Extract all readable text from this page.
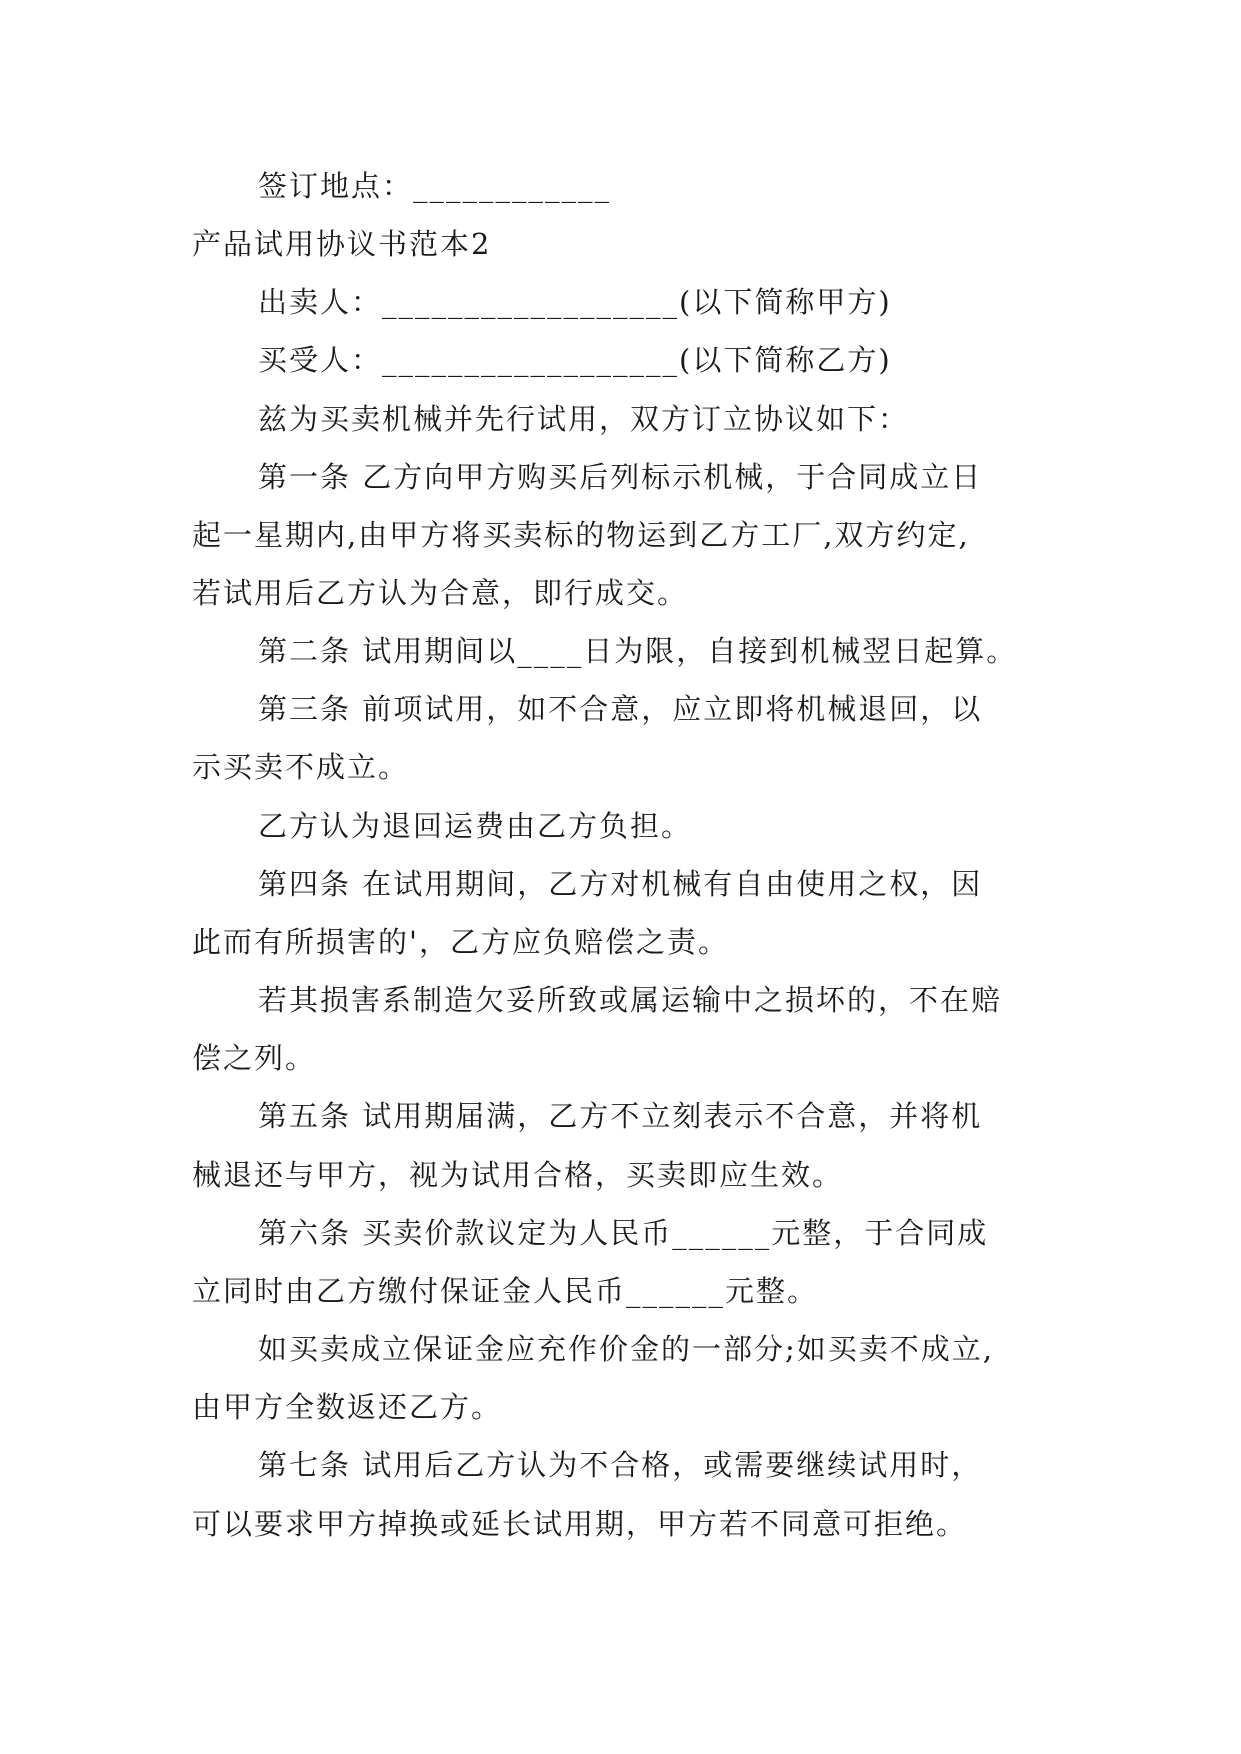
签订地点：____________
产品试用协议书范本2
出卖人：__________________(以下简称甲方)
买受人：__________________(以下简称乙方)
兹为买卖机械并先行试用，双方订立协议如下：
第一条 乙方向甲方购买后列标示机械，于合同成立日
起一星期内,由甲方将买卖标的物运到乙方工厂,双方约定,
若试用后乙方认为合意，即行成交。
第二条 试用期间以____日为限，自接到机械翌日起算。
第三条 前项试用，如不合意，应立即将机械退回，以
示买卖不成立。
乙方认为退回运费由乙方负担。
第四条 在试用期间，乙方对机械有自由使用之权，因
此而有所损害的'，乙方应负赔偿之责。
若其损害系制造欠妥所致或属运输中之损坏的，不在赔
偿之列。
第五条 试用期届满，乙方不立刻表示不合意，并将机
械退还与甲方，视为试用合格，买卖即应生效。
第六条 买卖价款议定为人民币______元整，于合同成
立同时由乙方缴付保证金人民币______元整。
如买卖成立保证金应充作价金的一部分;如买卖不成立,
由甲方全数返还乙方。
第七条 试用后乙方认为不合格，或需要继续试用时，
可以要求甲方掉换或延长试用期，甲方若不同意可拒绝。
